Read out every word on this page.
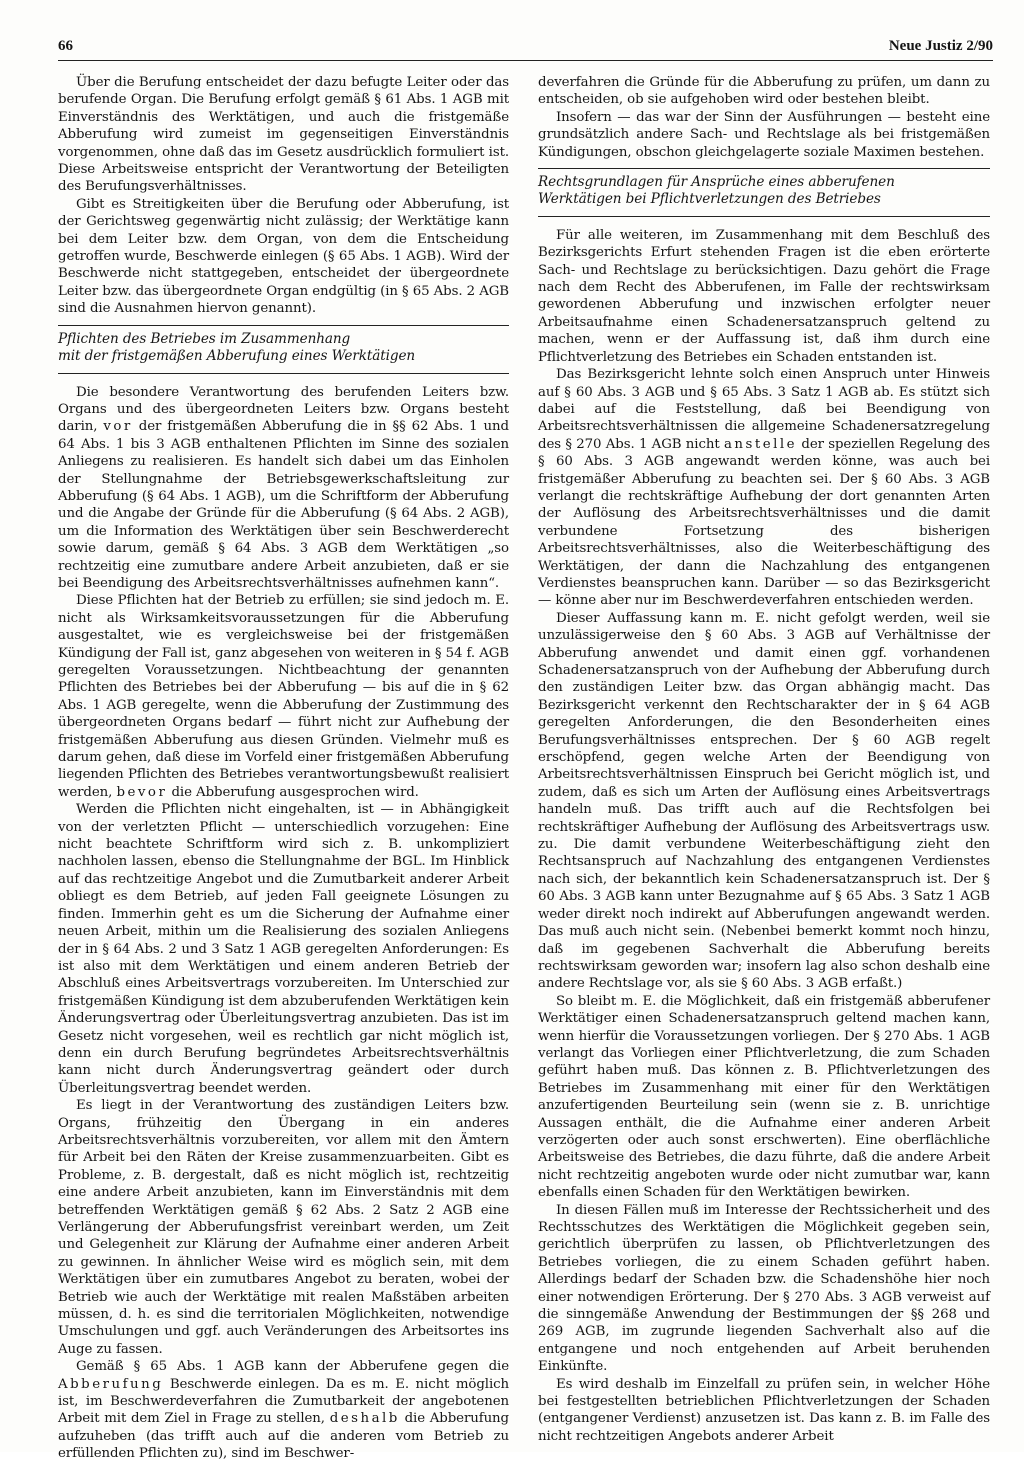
66	Neue Justiz 2/90

Über die Berufung entscheidet der dazu befugte Leiter oder das berufende Organ. Die Berufung erfolgt gemäß § 61 Abs. 1 AGB mit Einverständnis des Werktätigen, und auch die fristgemäße Abberufung wird zumeist im gegenseitigen Einverständnis vorgenommen, ohne daß das im Gesetz ausdrücklich formuliert ist. Diese Arbeitsweise entspricht der Verantwortung der Beteiligten des Berufungsverhältnisses.

Gibt es Streitigkeiten über die Berufung oder Abberufung, ist der Gerichtsweg gegenwärtig nicht zulässig; der Werktätige kann bei dem Leiter bzw. dem Organ, von dem die Entscheidung getroffen wurde, Beschwerde einlegen (§ 65 Abs. 1 AGB). Wird der Beschwerde nicht stattgegeben, entscheidet der übergeordnete Leiter bzw. das übergeordnete Organ endgültig (in § 65 Abs. 2 AGB sind die Ausnahmen hiervon genannt).

Pflichten des Betriebes im Zusammenhang
mit der fristgemäßen Abberufung eines Werktätigen

Die besondere Verantwortung des berufenden Leiters bzw. Organs und des übergeordneten Leiters bzw. Organs besteht darin, vor der fristgemäßen Abberufung die in §§ 62 Abs. 1 und 64 Abs. 1 bis 3 AGB enthaltenen Pflichten im Sinne des sozialen Anliegens zu realisieren. Es handelt sich dabei um das Einholen der Stellungnahme der Betriebsgewerkschaftsleitung zur Abberufung (§ 64 Abs. 1 AGB), um die Schriftform der Abberufung und die Angabe der Gründe für die Abberufung (§ 64 Abs. 2 AGB), um die Information des Werktätigen über sein Beschwerderecht sowie darum, gemäß § 64 Abs. 3 AGB dem Werktätigen „so rechtzeitig eine zumutbare andere Arbeit anzubieten, daß er sie bei Beendigung des Arbeitsrechtsverhältnisses aufnehmen kann“.

Diese Pflichten hat der Betrieb zu erfüllen; sie sind jedoch m. E. nicht als Wirksamkeitsvoraussetzungen für die Abberufung ausgestaltet, wie es vergleichsweise bei der fristgemäßen Kündigung der Fall ist, ganz abgesehen von weiteren in § 54 f. AGB geregelten Voraussetzungen. Nichtbeachtung der genannten Pflichten des Betriebes bei der Abberufung — bis auf die in § 62 Abs. 1 AGB geregelte, wenn die Abberufung der Zustimmung des übergeordneten Organs bedarf — führt nicht zur Aufhebung der fristgemäßen Abberufung aus diesen Gründen. Vielmehr muß es darum gehen, daß diese im Vorfeld einer fristgemäßen Abberufung liegenden Pflichten des Betriebes verantwortungsbewußt realisiert werden, bevor die Abberufung ausgesprochen wird.

Werden die Pflichten nicht eingehalten, ist — in Abhängigkeit von der verletzten Pflicht — unterschiedlich vorzugehen: Eine nicht beachtete Schriftform wird sich z. B. unkompliziert nachholen lassen, ebenso die Stellungnahme der BGL. Im Hinblick auf das rechtzeitige Angebot und die Zumutbarkeit anderer Arbeit obliegt es dem Betrieb, auf jeden Fall geeignete Lösungen zu finden. Immerhin geht es um die Sicherung der Aufnahme einer neuen Arbeit, mithin um die Realisierung des sozialen Anliegens der in § 64 Abs. 2 und 3 Satz 1 AGB geregelten Anforderungen: Es ist also mit dem Werktätigen und einem anderen Betrieb der Abschluß eines Arbeitsvertrags vorzubereiten. Im Unterschied zur fristgemäßen Kündigung ist dem abzuberufenden Werktätigen kein Änderungsvertrag oder Überleitungsvertrag anzubieten. Das ist im Gesetz nicht vorgesehen, weil es rechtlich gar nicht möglich ist, denn ein durch Berufung begründetes Arbeitsrechtsverhältnis kann nicht durch Änderungsvertrag geändert oder durch Überleitungsvertrag beendet werden.

Es liegt in der Verantwortung des zuständigen Leiters bzw. Organs, frühzeitig den Übergang in ein anderes Arbeitsrechtsverhältnis vorzubereiten, vor allem mit den Ämtern für Arbeit bei den Räten der Kreise zusammenzuarbeiten. Gibt es Probleme, z. B. dergestalt, daß es nicht möglich ist, rechtzeitig eine andere Arbeit anzubieten, kann im Einverständnis mit dem betreffenden Werktätigen gemäß § 62 Abs. 2 Satz 2 AGB eine Verlängerung der Abberufungsfrist vereinbart werden, um Zeit und Gelegenheit zur Klärung der Aufnahme einer anderen Arbeit zu gewinnen. In ähnlicher Weise wird es möglich sein, mit dem Werktätigen über ein zumutbares Angebot zu beraten, wobei der Betrieb wie auch der Werktätige mit realen Maßstäben arbeiten müssen, d. h. es sind die territorialen Möglichkeiten, notwendige Umschulungen und ggf. auch Veränderungen des Arbeitsortes ins Auge zu fassen.

Gemäß § 65 Abs. 1 AGB kann der Abberufene gegen die Abberufung Beschwerde einlegen. Da es m. E. nicht möglich ist, im Beschwerdeverfahren die Zumutbarkeit der angebotenen Arbeit mit dem Ziel in Frage zu stellen, deshalb die Abberufung aufzuheben (das trifft auch auf die anderen vom Betrieb zu erfüllenden Pflichten zu), sind im Beschwer-

deverfahren die Gründe für die Abberufung zu prüfen, um dann zu entscheiden, ob sie aufgehoben wird oder bestehen bleibt.

Insofern — das war der Sinn der Ausführungen — besteht eine grundsätzlich andere Sach- und Rechtslage als bei fristgemäßen Kündigungen, obschon gleichgelagerte soziale Maximen bestehen.

Rechtsgrundlagen für Ansprüche eines abberufenen
Werktätigen bei Pflichtverletzungen des Betriebes

Für alle weiteren, im Zusammenhang mit dem Beschluß des Bezirksgerichts Erfurt stehenden Fragen ist die eben erörterte Sach- und Rechtslage zu berücksichtigen. Dazu gehört die Frage nach dem Recht des Abberufenen, im Falle der rechtswirksam gewordenen Abberufung und inzwischen erfolgter neuer Arbeitsaufnahme einen Schadenersatzanspruch geltend zu machen, wenn er der Auffassung ist, daß ihm durch eine Pflichtverletzung des Betriebes ein Schaden entstanden ist.

Das Bezirksgericht lehnte solch einen Anspruch unter Hinweis auf § 60 Abs. 3 AGB und § 65 Abs. 3 Satz 1 AGB ab. Es stützt sich dabei auf die Feststellung, daß bei Beendigung von Arbeitsrechtsverhältnissen die allgemeine Schadenersatzregelung des § 270 Abs. 1 AGB nicht anstelle der speziellen Regelung des § 60 Abs. 3 AGB angewandt werden könne, was auch bei fristgemäßer Abberufung zu beachten sei. Der § 60 Abs. 3 AGB verlangt die rechtskräftige Aufhebung der dort genannten Arten der Auflösung des Arbeitsrechtsverhältnisses und die damit verbundene Fortsetzung des bisherigen Arbeitsrechtsverhältnisses, also die Weiterbeschäftigung des Werktätigen, der dann die Nachzahlung des entgangenen Verdienstes beanspruchen kann. Darüber — so das Bezirksgericht — könne aber nur im Beschwerdeverfahren entschieden werden.

Dieser Auffassung kann m. E. nicht gefolgt werden, weil sie unzulässigerweise den § 60 Abs. 3 AGB auf Verhältnisse der Abberufung anwendet und damit einen ggf. vorhandenen Schadenersatzanspruch von der Aufhebung der Abberufung durch den zuständigen Leiter bzw. das Organ abhängig macht. Das Bezirksgericht verkennt den Rechtscharakter der in § 64 AGB geregelten Anforderungen, die den Besonderheiten eines Berufungsverhältnisses entsprechen. Der § 60 AGB regelt erschöpfend, gegen welche Arten der Beendigung von Arbeitsrechtsverhältnissen Einspruch bei Gericht möglich ist, und zudem, daß es sich um Arten der Auflösung eines Arbeitsvertrags handeln muß. Das trifft auch auf die Rechtsfolgen bei rechtskräftiger Aufhebung der Auflösung des Arbeitsvertrags usw. zu. Die damit verbundene Weiterbeschäftigung zieht den Rechtsanspruch auf Nachzahlung des entgangenen Verdienstes nach sich, der bekanntlich kein Schadenersatzanspruch ist. Der § 60 Abs. 3 AGB kann unter Bezugnahme auf § 65 Abs. 3 Satz 1 AGB weder direkt noch indirekt auf Abberufungen angewandt werden. Das muß auch nicht sein. (Nebenbei bemerkt kommt noch hinzu, daß im gegebenen Sachverhalt die Abberufung bereits rechtswirksam geworden war; insofern lag also schon deshalb eine andere Rechtslage vor, als sie § 60 Abs. 3 AGB erfaßt.)

So bleibt m. E. die Möglichkeit, daß ein fristgemäß abberufener Werktätiger einen Schadenersatzanspruch geltend machen kann, wenn hierfür die Voraussetzungen vorliegen. Der § 270 Abs. 1 AGB verlangt das Vorliegen einer Pflichtverletzung, die zum Schaden geführt haben muß. Das können z. B. Pflichtverletzungen des Betriebes im Zusammenhang mit einer für den Werktätigen anzufertigenden Beurteilung sein (wenn sie z. B. unrichtige Aussagen enthält, die die Aufnahme einer anderen Arbeit verzögerten oder auch sonst erschwerten). Eine oberflächliche Arbeitsweise des Betriebes, die dazu führte, daß die andere Arbeit nicht rechtzeitig angeboten wurde oder nicht zumutbar war, kann ebenfalls einen Schaden für den Werktätigen bewirken.

In diesen Fällen muß im Interesse der Rechtssicherheit und des Rechtsschutzes des Werktätigen die Möglichkeit gegeben sein, gerichtlich überprüfen zu lassen, ob Pflichtverletzungen des Betriebes vorliegen, die zu einem Schaden geführt haben. Allerdings bedarf der Schaden bzw. die Schadenshöhe hier noch einer notwendigen Erörterung. Der § 270 Abs. 3 AGB verweist auf die sinngemäße Anwendung der Bestimmungen der §§ 268 und 269 AGB, im zugrunde liegenden Sachverhalt also auf die entgangene und noch entgehenden auf Arbeit beruhenden Einkünfte.

Es wird deshalb im Einzelfall zu prüfen sein, in welcher Höhe bei festgestellten betrieblichen Pflichtverletzungen der Schaden (entgangener Verdienst) anzusetzen ist. Das kann z. B. im Falle des nicht rechtzeitigen Angebots anderer Arbeit
